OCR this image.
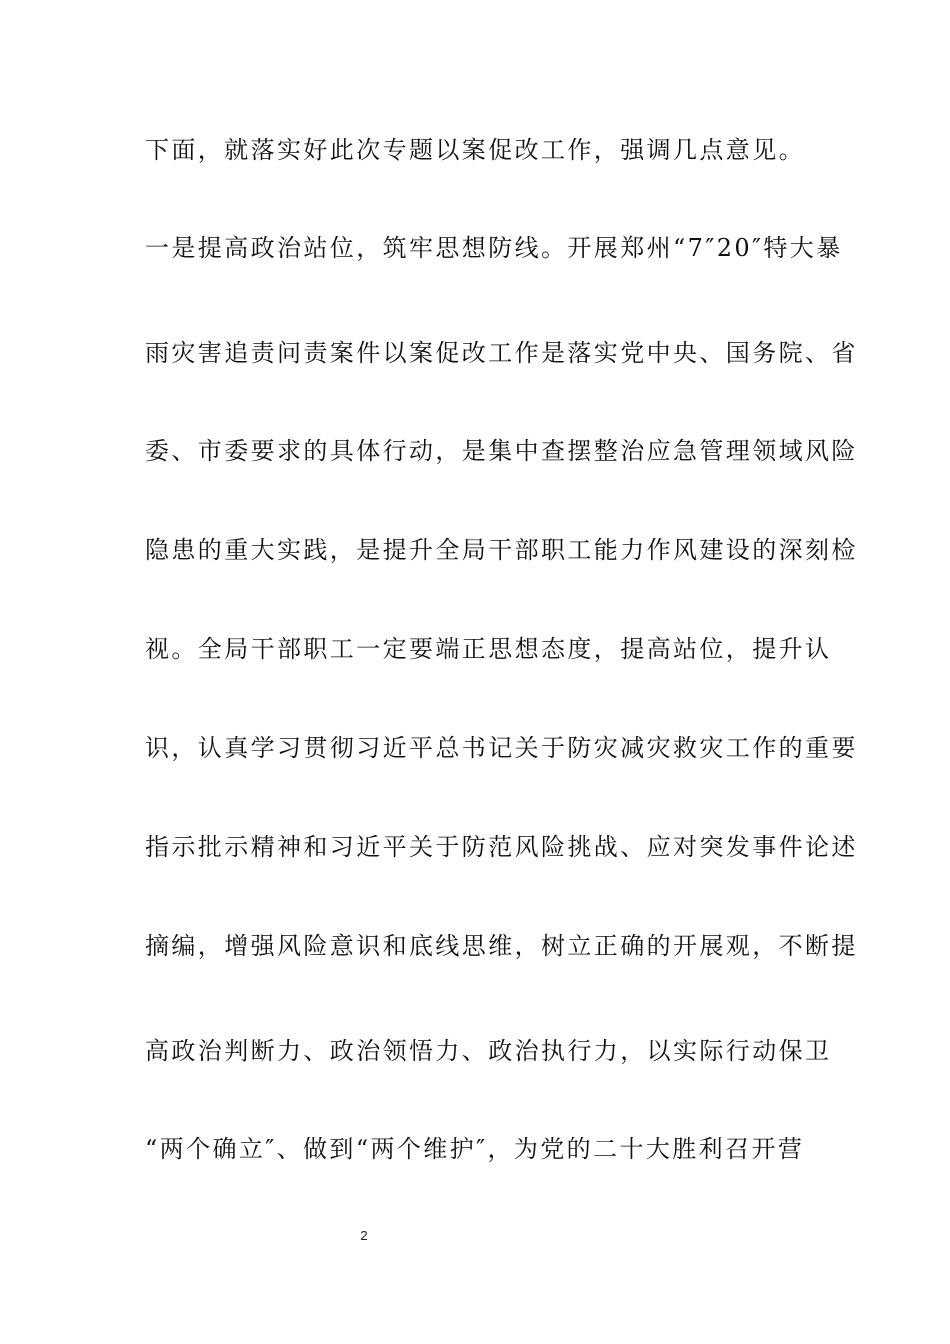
下面，就落实好此次专题以案促改工作，强调几点意见。
一是提高政治站位，筑牢思想防线。开展郑州“7″20″特大暴
雨灾害追责问责案件以案促改工作是落实党中央、国务院、省
委、市委要求的具体行动，是集中查摆整治应急管理领域风险
隐患的重大实践，是提升全局干部职工能力作风建设的深刻检
视。全局干部职工一定要端正思想态度，提高站位，提升认
识，认真学习贯彻习近平总书记关于防灾减灾救灾工作的重要
指示批示精神和习近平关于防范风险挑战、应对突发事件论述
摘编，增强风险意识和底线思维，树立正确的开展观，不断提
高政治判断力、政治领悟力、政治执行力，以实际行动保卫
“两个确立″、做到“两个维护″，为党的二十大胜利召开营
2
